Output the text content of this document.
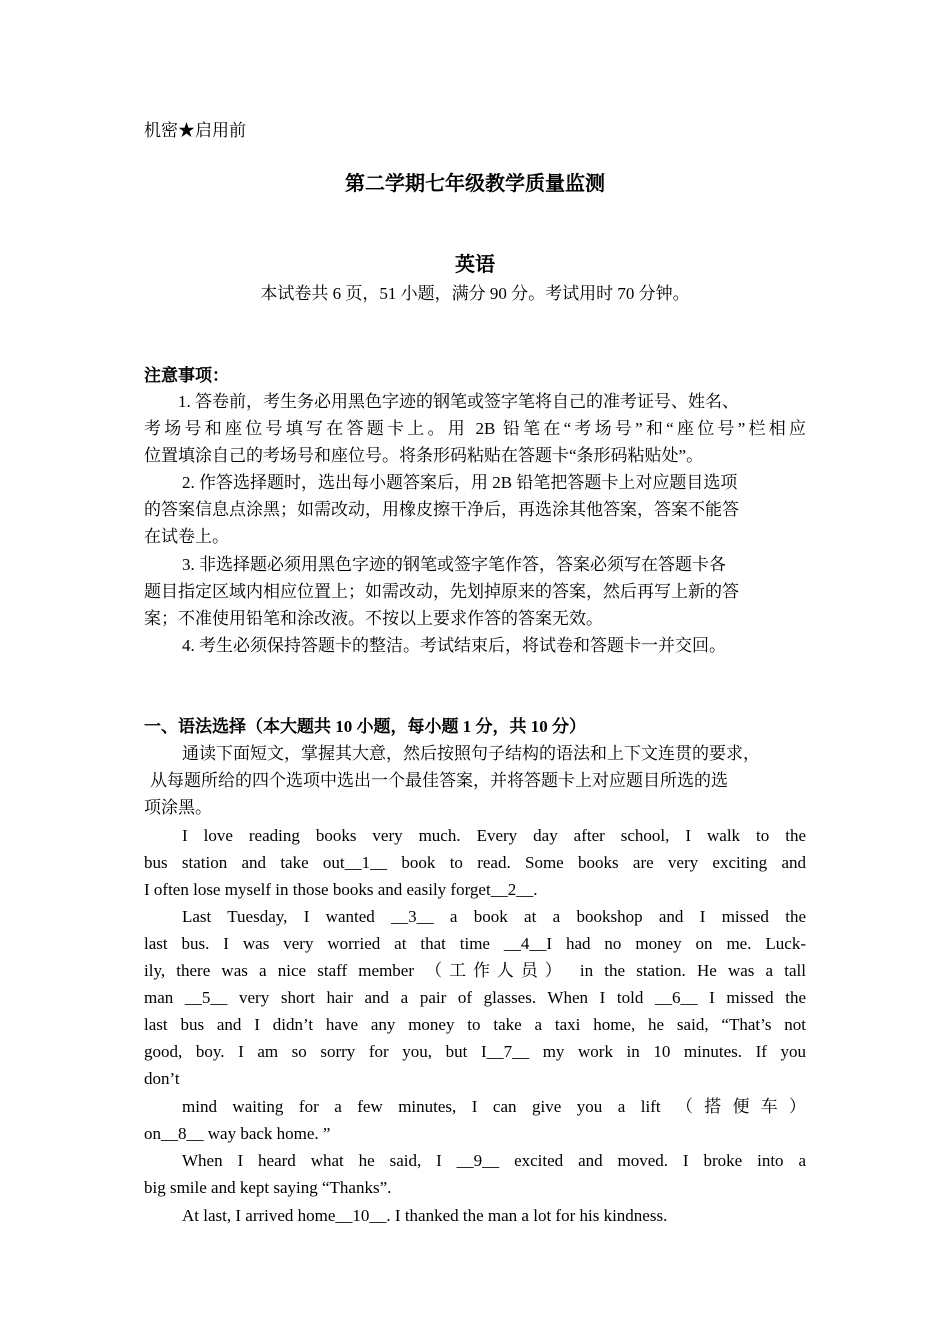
机密★启用前
第二学期七年级教学质量监测
英语
本试卷共 6 页，51 小题，满分 90 分。考试用时 70 分钟。
注意事项：
1. 答卷前，考生务必用黑色字迹的钢笔或签字笔将自己的准考证号、姓名、
考场号和座位号填写在答题卡上。用 2B 铅笔在“考场号”和“座位号”栏相应
位置填涂自己的考场号和座位号。将条形码粘贴在答题卡“条形码粘贴处”。
2. 作答选择题时，选出每小题答案后，用 2B 铅笔把答题卡上对应题目选项
的答案信息点涂黑；如需改动，用橡皮擦干净后，再选涂其他答案，答案不能答
在试卷上。
3. 非选择题必须用黑色字迹的钢笔或签字笔作答，答案必须写在答题卡各
题目指定区域内相应位置上；如需改动，先划掉原来的答案，然后再写上新的答
案；不准使用铅笔和涂改液。不按以上要求作答的答案无效。
4. 考生必须保持答题卡的整洁。考试结束后，将试卷和答题卡一并交回。
一、语法选择（本大题共 10 小题，每小题 1 分，共 10 分）
通读下面短文，掌握其大意，然后按照句子结构的语法和上下文连贯的要求，
从每题所给的四个选项中选出一个最佳答案，并将答题卡上对应题目所选的选
项涂黑。
I love reading books very much. Every day after school, I walk to the
bus station and take out__1__ book to read. Some books are very exciting and
I often lose myself in those books and easily forget__2__.
Last Tuesday, I wanted __3__ a book at a bookshop and I missed the
last bus. I was very worried at that time __4__I had no money on me. Luck-
ily, there was a nice staff member （工作人员） in the station. He was a tall
man __5__ very short hair and a pair of glasses. When I told __6__ I missed the
last bus and I didn’t have any money to take a taxi home, he said, “That’s not
good, boy. I am so sorry for you, but I__7__ my work in 10 minutes. If you
don’t
mind waiting for a few minutes, I can give you a lift （搭便车）
on__8__ way back home. ”
When I heard what he said, I __9__ excited and moved. I broke into a
big smile and kept saying “Thanks”.
At last, I arrived home__10__. I thanked the man a lot for his kindness.
